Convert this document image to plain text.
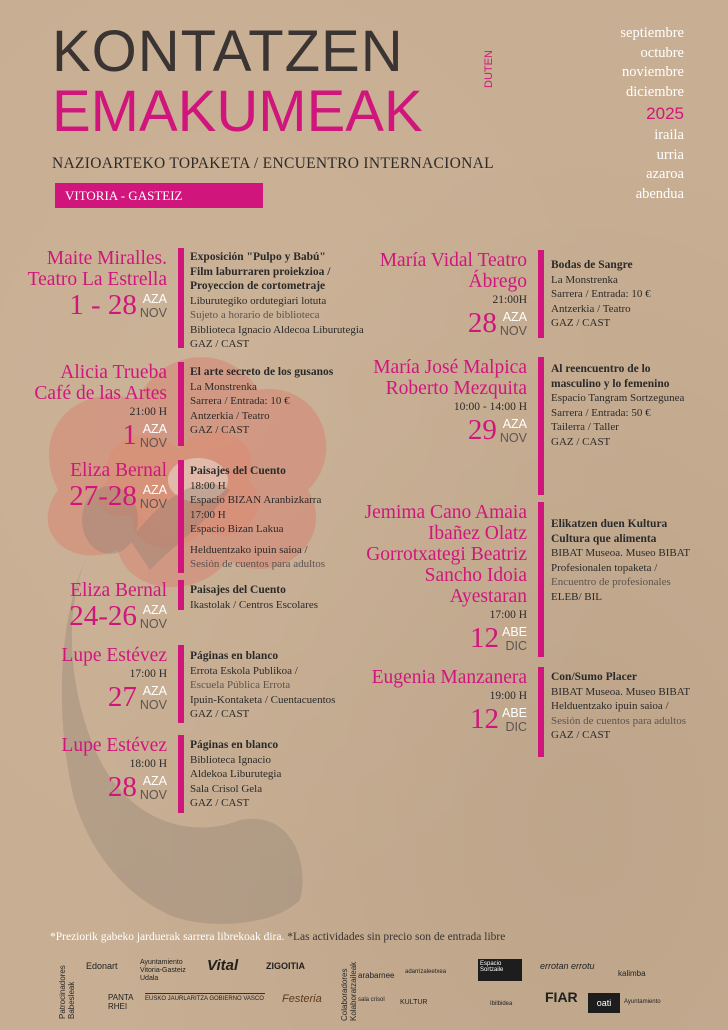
KONTATZEN	DUTEN
EMAKUMEAK
NAZIOARTEKO TOPAKETA / ENCUENTRO INTERNACIONAL
VITORIA - GASTEIZ
septiembre
octubre
noviembre
diciembre
2025
iraila
urria
azaroa
abendua
Maite Miralles. Teatro La Estrella
1 - 28 AZA
NOV
Exposición "Pulpo y Babú"
Film laburraren proiekzioa /
Proyeccion de cortometraje
Liburutegiko ordutegiari lotuta
Sujeto a horario de biblioteca
Biblioteca Ignacio Aldecoa Liburutegia
GAZ / CAST
Alicia Trueba Café de las Artes
21:00 H
1 AZA
NOV
El arte secreto de los gusanos
La Monstrenka
Sarrera / Entrada: 10 €
Antzerkia / Teatro
GAZ / CAST
Eliza Bernal
27-28 AZA
NOV
Paisajes del Cuento
18:00 H
Espacio BIZAN Aranbizkarra
17:00 H
Espacio Bizan Lakua
Helduentzako ipuin saioa /
Sesión de cuentos para adultos
Eliza Bernal
24-26 AZA
NOV
Paisajes del Cuento
Ikastolak / Centros Escolares
Lupe Estévez
17:00 H
27 AZA
NOV
Páginas en blanco
Errota Eskola Publikoa /
Escuela Pública Errota
Ipuin-Kontaketa / Cuentacuentos
GAZ / CAST
Lupe Estévez
18:00 H
28 AZA
NOV
Páginas en blanco
Biblioteca Ignacio
Aldekoa Liburutegia
Sala Crisol Gela
GAZ / CAST
María Vidal Teatro Ábrego
21:00H
28 AZA
NOV
Bodas de Sangre
La Monstrenka
Sarrera / Entrada: 10 €
Antzerkia / Teatro
GAZ / CAST
María José Malpica Roberto Mezquita
10:00 - 14:00 H
29 AZA
NOV
Al reencuentro de lo
masculino y lo femenino
Espacio Tangram Sortzegunea
Sarrera / Entrada: 50 €
Tailerra / Taller
GAZ / CAST
Jemima Cano Amaia Ibañez Olatz Gorrotxategi Beatriz Sancho Idoia Ayestaran
17:00 H
12 ABE
DIC
Elikatzen duen Kultura
Cultura que alimenta
BIBAT Museoa. Museo BIBAT
Profesionalen topaketa /
Encuentro de profesionales
ELEB/ BIL
Eugenia Manzanera
19:00 H
12 ABE
DIC
Con/Sumo Placer
BIBAT Museoa. Museo BIBAT
Helduentzako ipuin saioa /
Sesión de cuentos para adultos
GAZ / CAST
*Preziorik gabeko jarduerak sarrera librekoak dira. *Las actividades sin precio son de entrada libre
Patrocinadores Babesleak	Colaboradores Kolaboratzaileak
Edonart	Ayuntamiento Vitoria-Gasteiz Udala
Vital	ZIGOITIA
arabarnee adarrizaleetxea
Espacio Sortzaile	errotan errotu
kalimba
PANTA RHEI
EUSKO JAURLARITZA GOBIERNO VASCO Festeria	sala crisol KULTUR	Ibilbidea FIAR	oati	Ayuntamiento
